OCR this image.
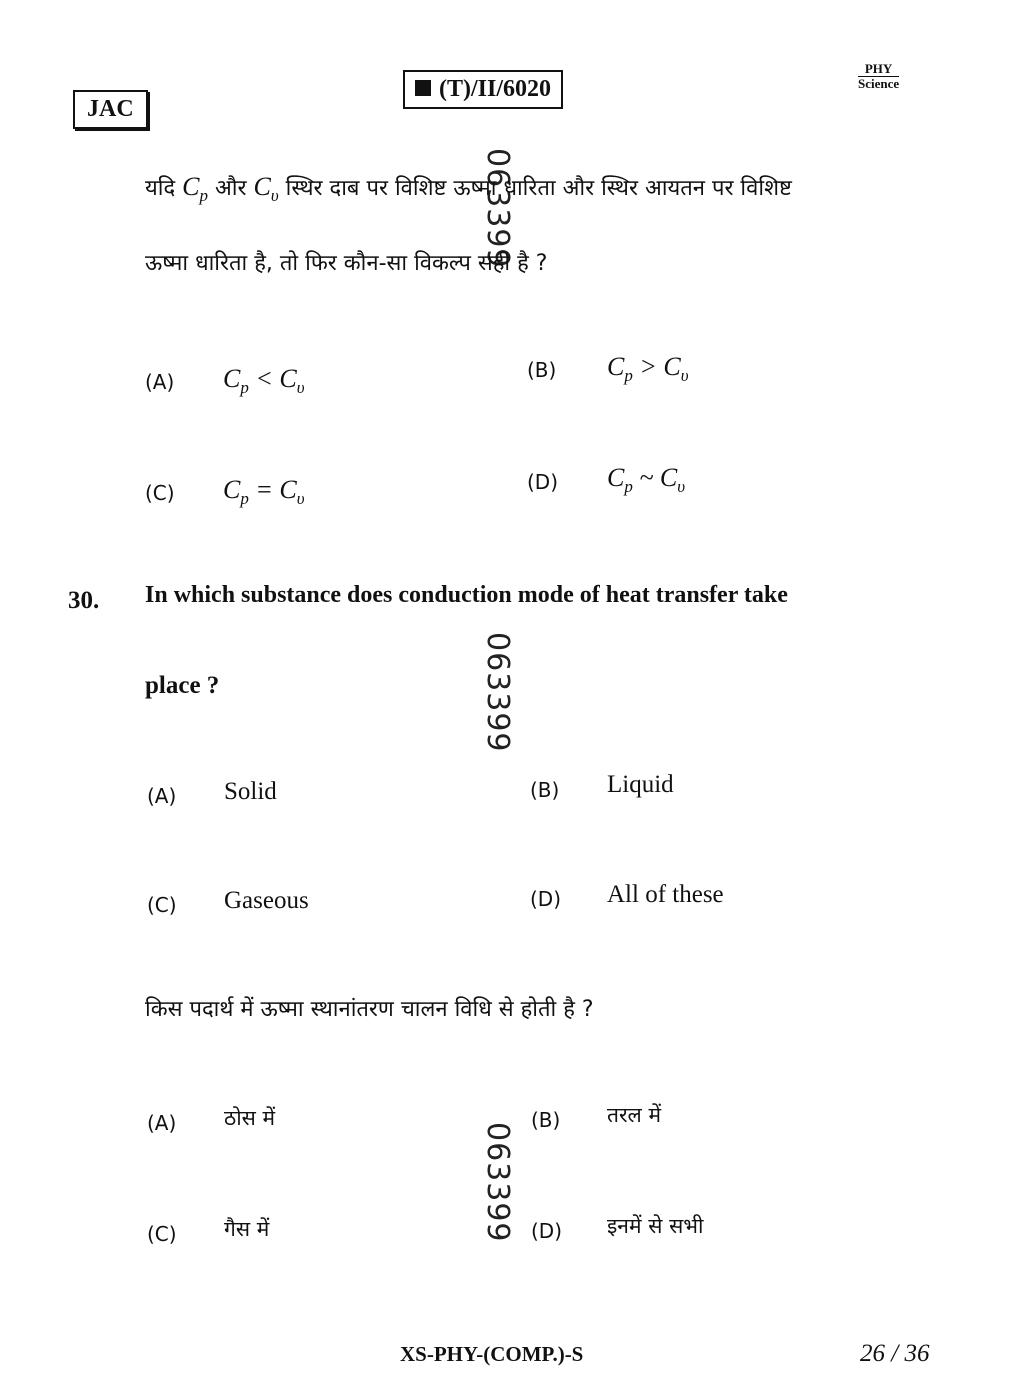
JAC
(T)/II/6020
PHY
Science
063399
063399
063399
यदि $C_p$ और $C_\upsilon$ स्थिर दाब पर विशिष्ट ऊष्मा धारिता और स्थिर आयतन पर विशिष्ट
ऊष्मा धारिता है, तो फिर कौन-सा विकल्प सही है ?
(A) $C_p < C_\upsilon$
(B) $C_p > C_\upsilon$
(C) $C_p = C_\upsilon$
(D) $C_p$ ~ $C_\upsilon$
30. In which substance does conduction mode of heat transfer take
place ?
(A) Solid	(B) Liquid
(C) Gaseous	(D) All of these
किस पदार्थ में ऊष्मा स्थानांतरण चालन विधि से होती है ?
(A) ठोस में	(B) तरल में
(C) गैस में	(D) इनमें से सभी
XS-PHY-(COMP.)-S	26 / 36
